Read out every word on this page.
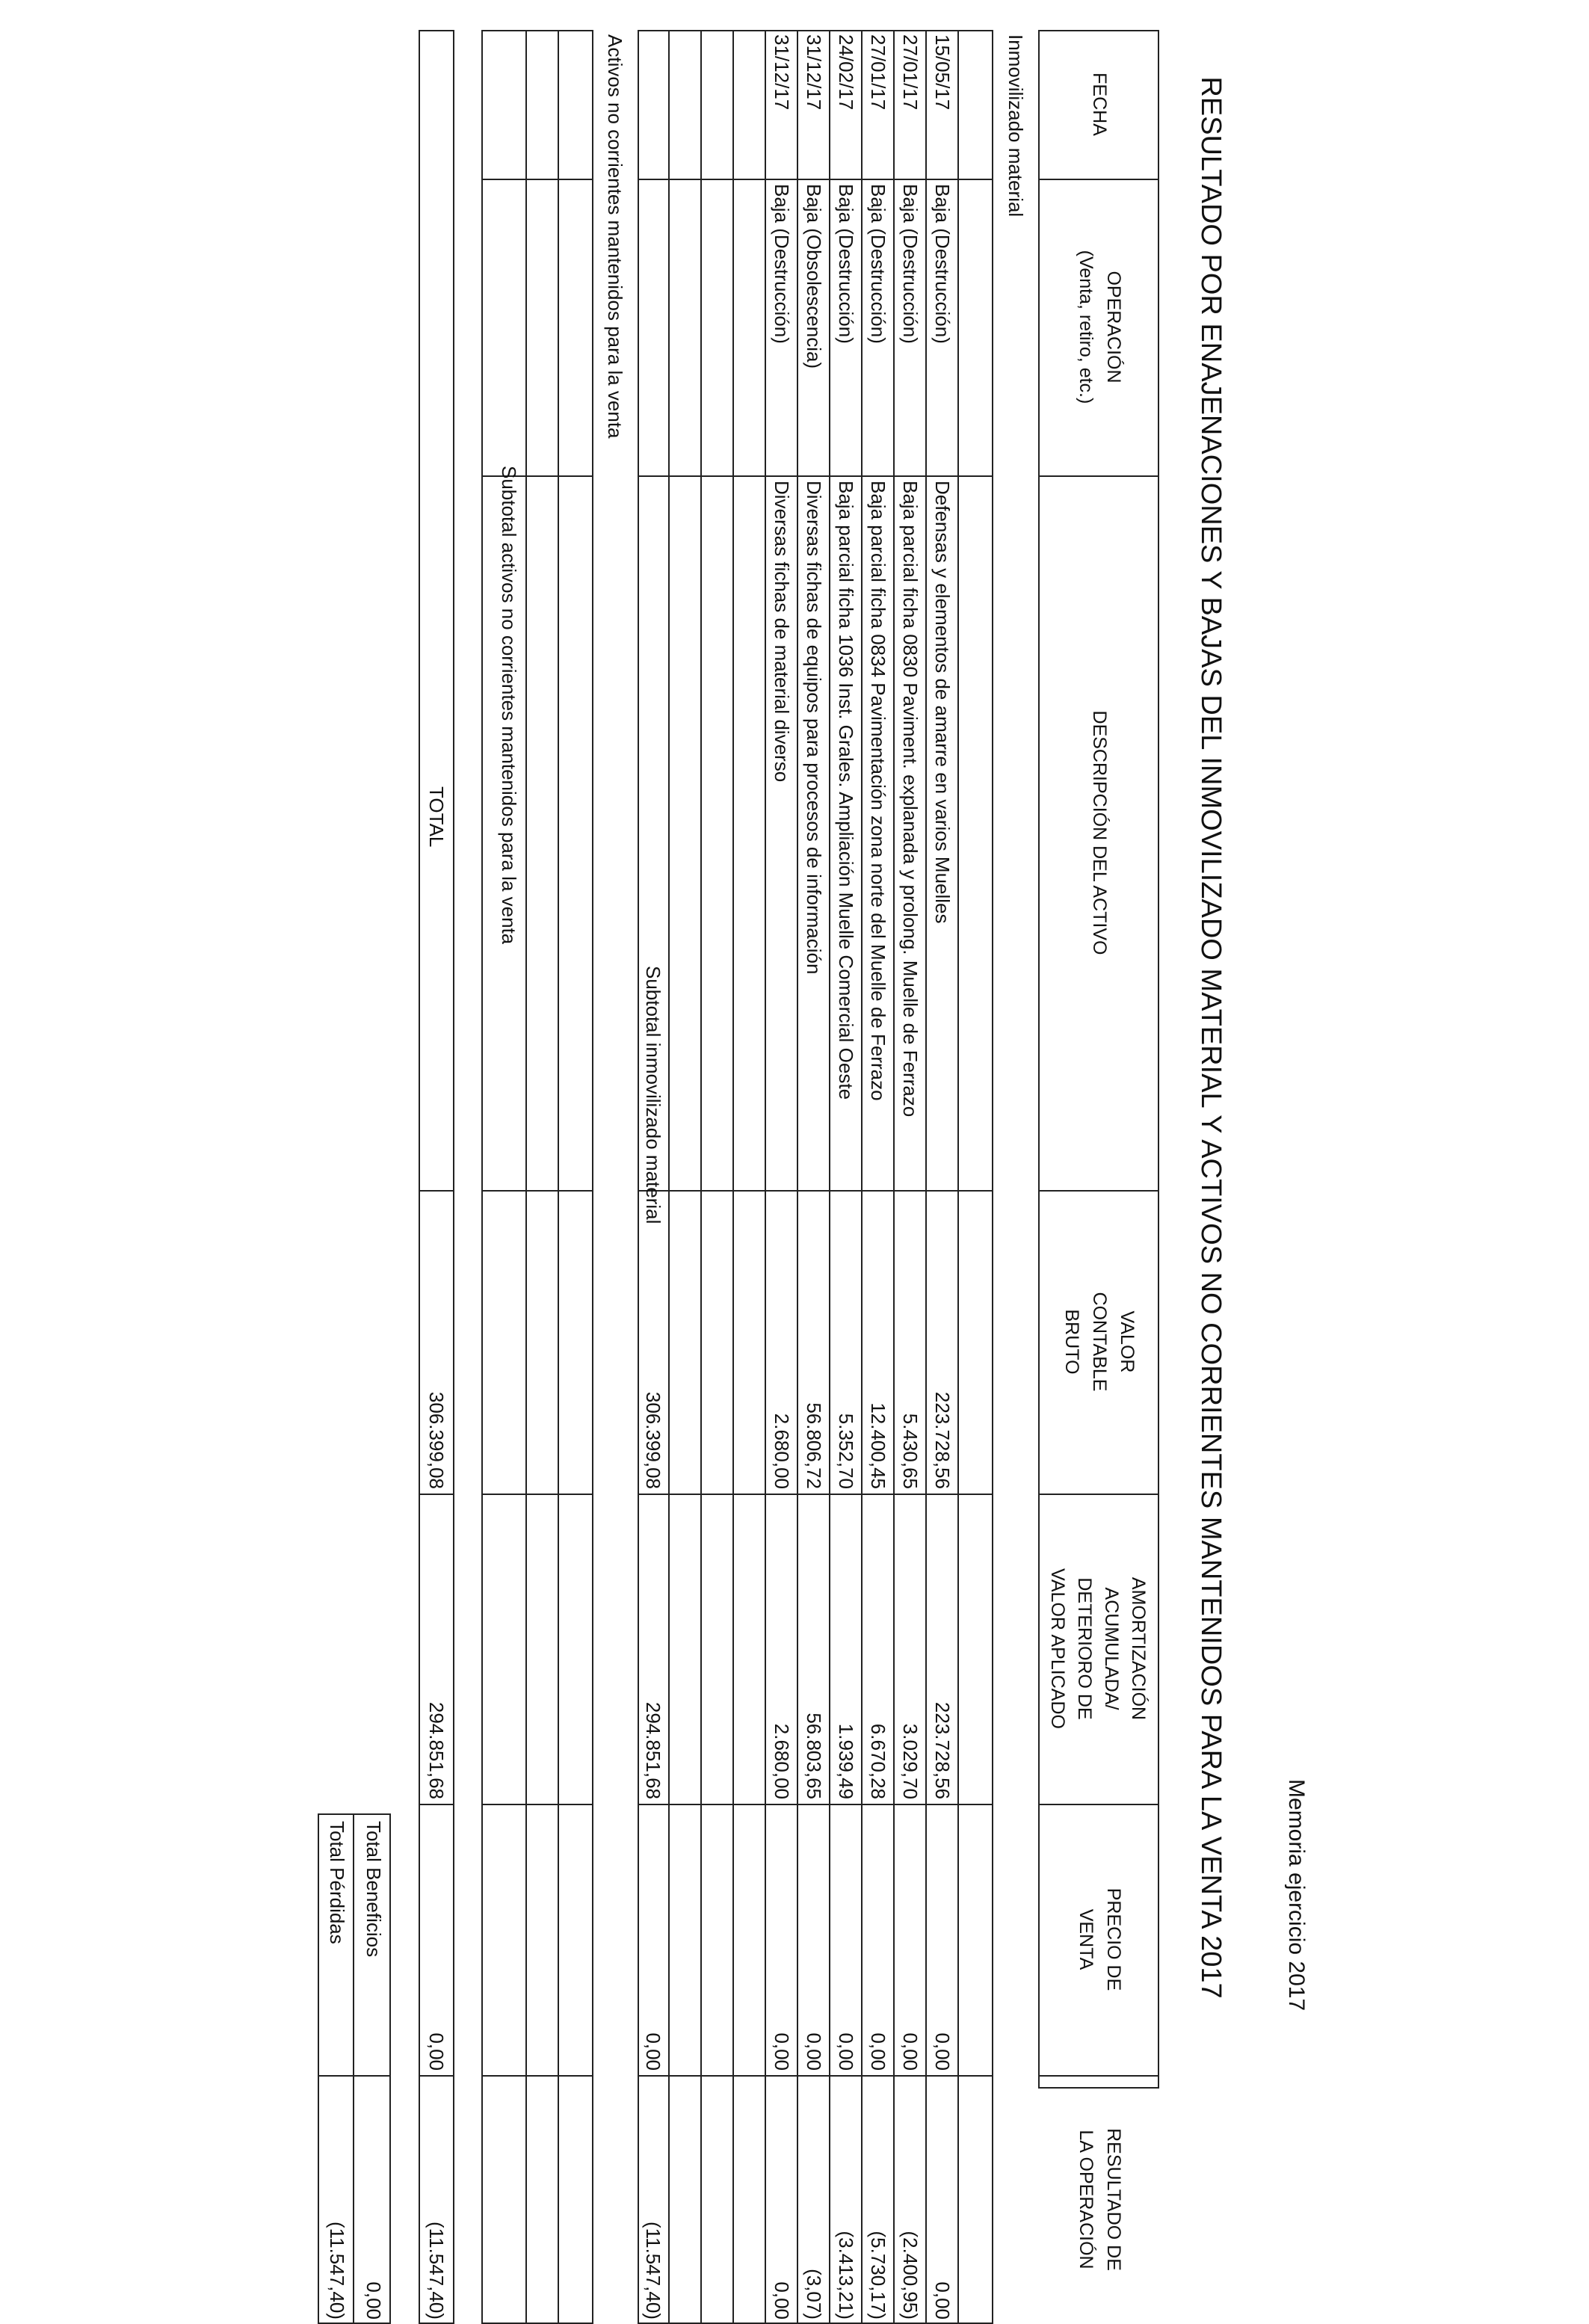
Memoria ejercicio 2017
RESULTADO POR ENAJENACIONES Y BAJAS DEL INMOVILIZADO MATERIAL Y ACTIVOS NO CORRIENTES MANTENIDOS PARA LA VENTA 2017
FECHA
OPERACIÓN
(Venta, retiro, etc.)
DESCRIPCIÓN DEL ACTIVO
VALOR
CONTABLE
BRUTO
AMORTIZACIÓN
ACUMULADA/
DETERIORO DE
VALOR APLICADO
PRECIO DE
VENTA
RESULTADO DE
LA OPERACIÓN
Inmovilizado material
15/05/17
Baja (Destrucción)
Defensas y elementos de amarre en varios Muelles
223.728,56
223.728,56
0,00
0,00
27/01/17
Baja (Destrucción)
Baja parcial ficha 0830 Paviment. explanada y prolong. Muelle de Ferrazo
5.430,65
3.029,70
0,00
(2.400,95)
27/01/17
Baja (Destrucción)
Baja parcial ficha 0834 Pavimentación zona norte del Muelle de Ferrazo
12.400,45
6.670,28
0,00
(5.730,17)
24/02/17
Baja (Destrucción)
Baja parcial ficha 1036 Inst. Grales. Ampliación Muelle Comercial Oeste
5.352,70
1.939,49
0,00
(3.413,21)
31/12/17
Baja (Obsolescencia)
Diversas fichas de equipos para procesos de información
56.806,72
56.803,65
0,00
(3,07)
31/12/17
Baja (Destrucción)
Diversas fichas de material diverso
2.680,00
2.680,00
0,00
0,00
Subtotal inmovilizado material
306.399,08
294.851,68
0,00
(11.547,40)
Activos no corrientes mantenidos para la venta
Subtotal activos no corrientes mantenidos para la venta
TOTAL
306.399,08
294.851,68
0,00
(11.547,40)
Total Beneficios
0,00
Total Pérdidas
(11.547,40)
